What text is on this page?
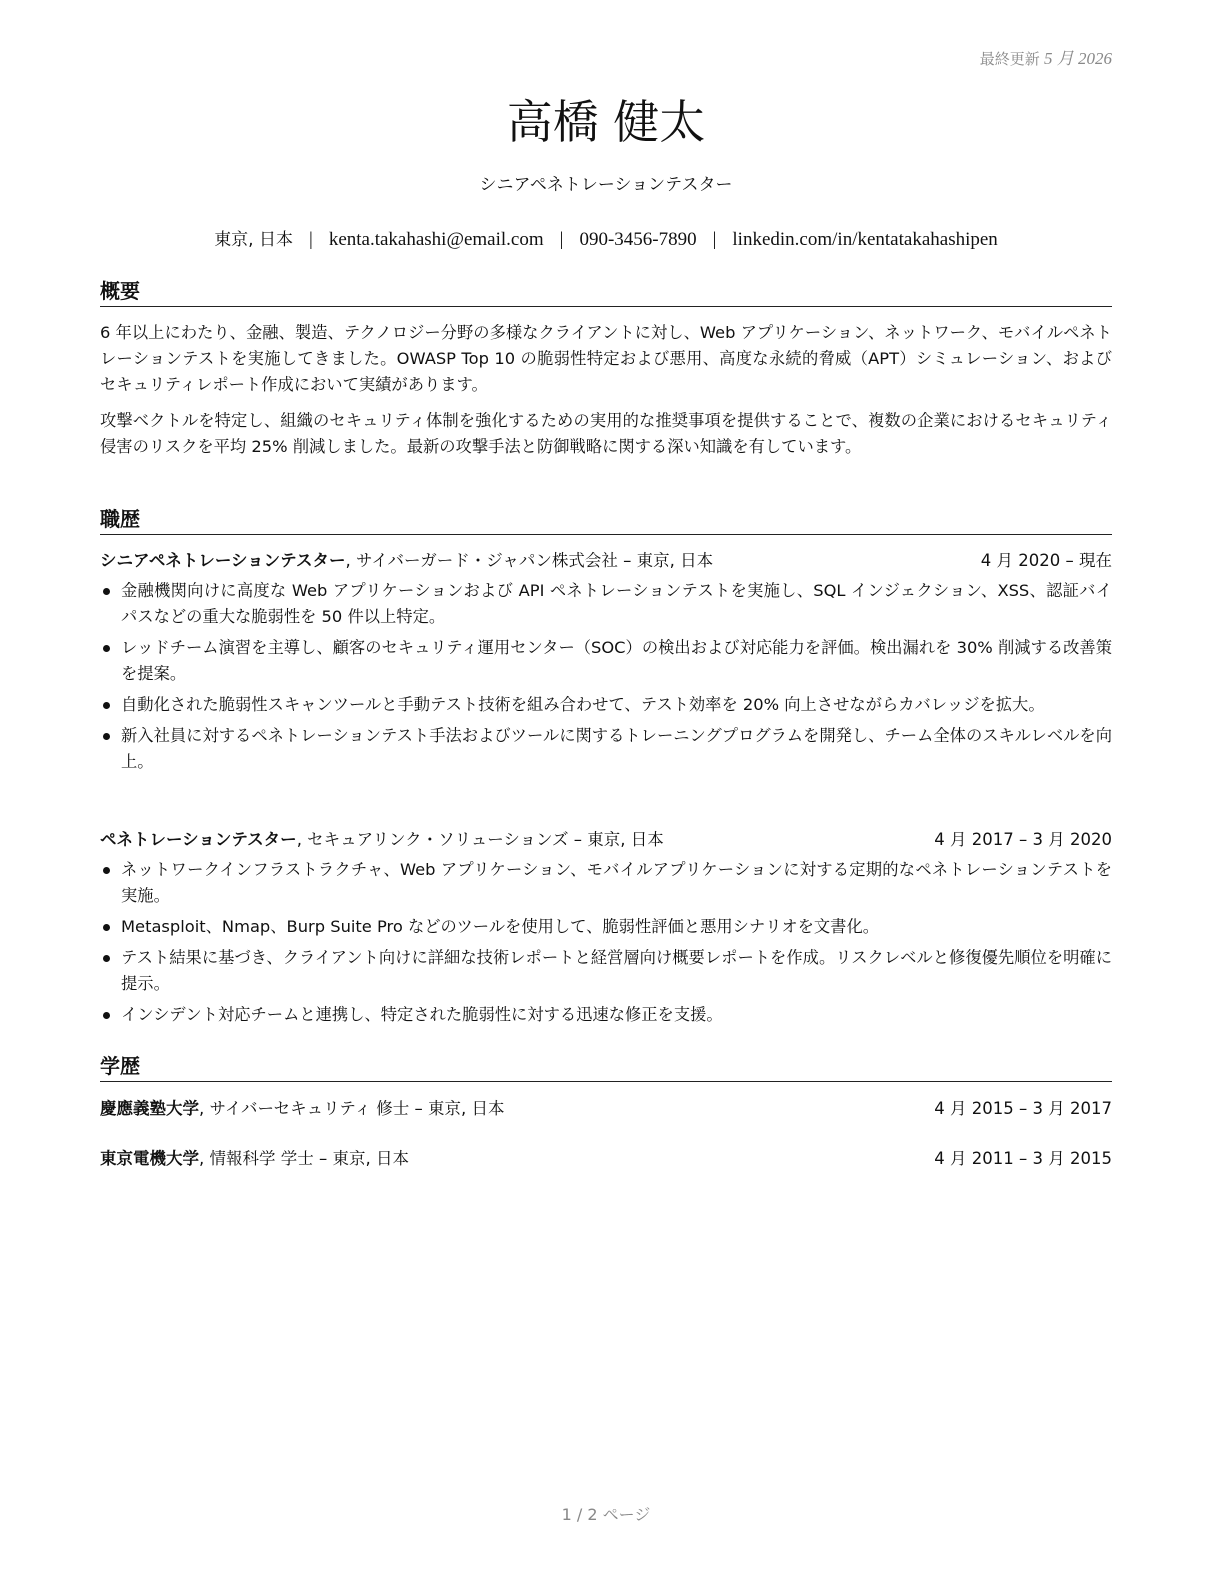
最終更新 5 月 2026
高橋 健太
シニアペネトレーションテスター
東京, 日本 | kenta.takahashi@email.com | 090-3456-7890 | linkedin.com/in/kentatakahashipen
概要

6 年以上にわたり、金融、製造、テクノロジー分野の多様なクライアントに対し、Web アプリケーション、ネットワーク、モバイルペネトレーションテストを実施してきました。OWASP Top 10 の脆弱性特定および悪用、高度な永続的脅威（APT）シミュレーション、およびセキュリティレポート作成において実績があります。

攻撃ベクトルを特定し、組織のセキュリティ体制を強化するための実用的な推奨事項を提供することで、複数の企業におけるセキュリティ侵害のリスクを平均 25% 削減しました。最新の攻撃手法と防御戦略に関する深い知識を有しています。

職歴
シニアペネトレーションテスター, サイバーガード・ジャパン株式会社 – 東京, 日本	4 月 2020 – 現在
金融機関向けに高度な Web アプリケーションおよび API ペネトレーションテストを実施し、SQL インジェクション、XSS、認証バイパスなどの重大な脆弱性を 50 件以上特定。
レッドチーム演習を主導し、顧客のセキュリティ運用センター（SOC）の検出および対応能力を評価。検出漏れを 30% 削減する改善策を提案。
自動化された脆弱性スキャンツールと手動テスト技術を組み合わせて、テスト効率を 20% 向上させながらカバレッジを拡大。
新入社員に対するペネトレーションテスト手法およびツールに関するトレーニングプログラムを開発し、チーム全体のスキルレベルを向上。
ペネトレーションテスター, セキュアリンク・ソリューションズ – 東京, 日本	4 月 2017 – 3 月 2020
ネットワークインフラストラクチャ、Web アプリケーション、モバイルアプリケーションに対する定期的なペネトレーションテストを実施。
Metasploit、Nmap、Burp Suite Pro などのツールを使用して、脆弱性評価と悪用シナリオを文書化。
テスト結果に基づき、クライアント向けに詳細な技術レポートと経営層向け概要レポートを作成。リスクレベルと修復優先順位を明確に提示。
インシデント対応チームと連携し、特定された脆弱性に対する迅速な修正を支援。
学歴
慶應義塾大学, サイバーセキュリティ 修士 – 東京, 日本	4 月 2015 – 3 月 2017
東京電機大学, 情報科学 学士 – 東京, 日本	4 月 2011 – 3 月 2015
1 / 2 ページ
